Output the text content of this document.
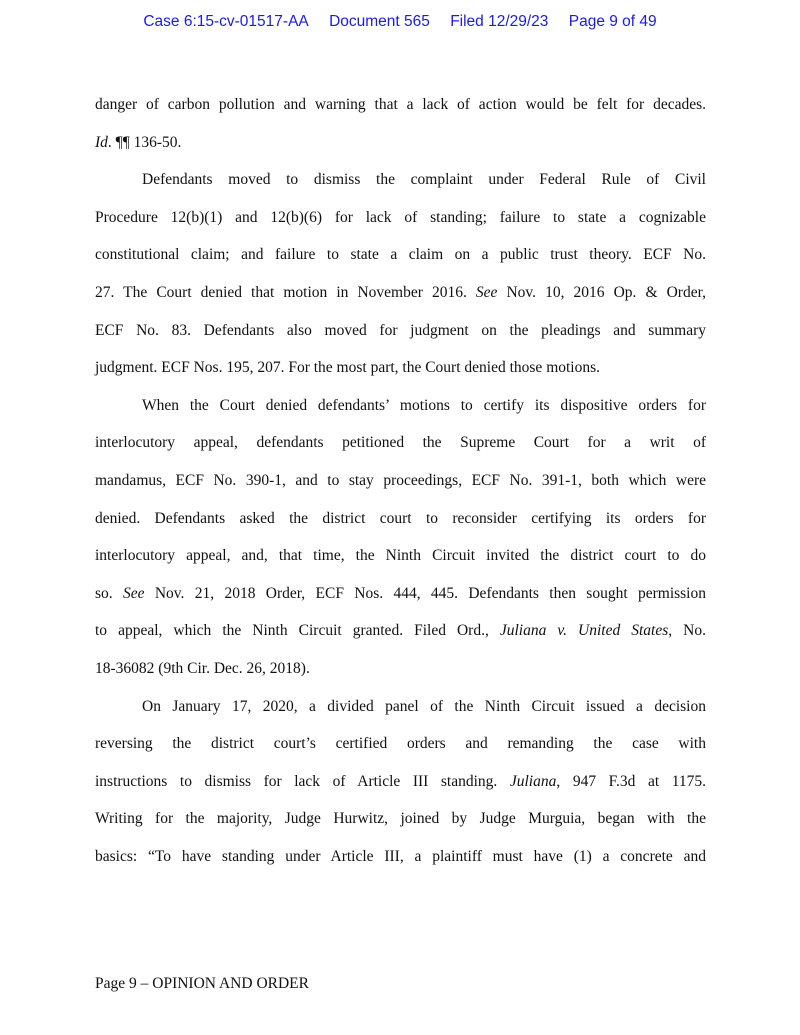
Case 6:15-cv-01517-AA Document 565 Filed 12/29/23 Page 9 of 49
danger of carbon pollution and warning that a lack of action would be felt for decades.
Id. ¶¶ 136-50.
Defendants moved to dismiss the complaint under Federal Rule of Civil
Procedure 12(b)(1) and 12(b)(6) for lack of standing; failure to state a cognizable
constitutional claim; and failure to state a claim on a public trust theory. ECF No.
27. The Court denied that motion in November 2016. See Nov. 10, 2016 Op. & Order,
ECF No. 83. Defendants also moved for judgment on the pleadings and summary
judgment. ECF Nos. 195, 207. For the most part, the Court denied those motions.
When the Court denied defendants’ motions to certify its dispositive orders for
interlocutory appeal, defendants petitioned the Supreme Court for a writ of
mandamus, ECF No. 390-1, and to stay proceedings, ECF No. 391-1, both which were
denied. Defendants asked the district court to reconsider certifying its orders for
interlocutory appeal, and, that time, the Ninth Circuit invited the district court to do
so. See Nov. 21, 2018 Order, ECF Nos. 444, 445. Defendants then sought permission
to appeal, which the Ninth Circuit granted. Filed Ord., Juliana v. United States, No.
18-36082 (9th Cir. Dec. 26, 2018).
On January 17, 2020, a divided panel of the Ninth Circuit issued a decision
reversing the district court’s certified orders and remanding the case with
instructions to dismiss for lack of Article III standing. Juliana, 947 F.3d at 1175.
Writing for the majority, Judge Hurwitz, joined by Judge Murguia, began with the
basics: “To have standing under Article III, a plaintiff must have (1) a concrete and
Page 9 – OPINION AND ORDER
